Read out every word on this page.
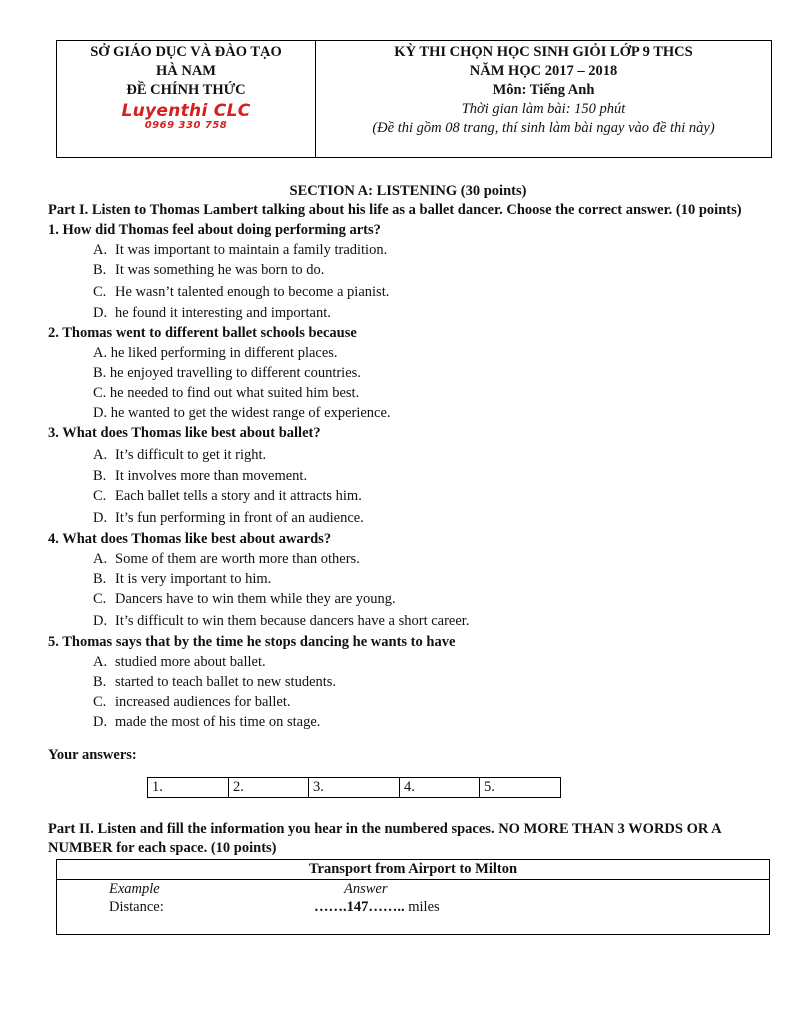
SỞ GIÁO DỤC VÀ ĐÀO TẠO
HÀ NAM
ĐỀ CHÍNH THỨC
Luyenthi CLC
0969 330 758

KỲ THI CHỌN HỌC SINH GIỎI LỚP 9 THCS
NĂM HỌC 2017 – 2018
Môn: Tiếng Anh
Thời gian làm bài: 150 phút
(Đề thi gồm 08 trang, thí sinh làm bài ngay vào đề thi này)
SECTION A: LISTENING (30 points)
Part I. Listen to Thomas Lambert talking about his life as a ballet dancer. Choose the correct answer. (10 points)
1. How did Thomas feel about doing performing arts?
A. It was important to maintain a family tradition.
B. It was something he was born to do.
C. He wasn’t talented enough to become a pianist.
D. he found it interesting and important.
2. Thomas went to different ballet schools because
A. he liked performing in different places.
B. he enjoyed travelling to different countries.
C. he needed to find out what suited him best.
D. he wanted to get the widest range of experience.
3. What does Thomas like best about ballet?
A. It’s difficult to get it right.
B. It involves more than movement.
C. Each ballet tells a story and it attracts him.
D. It’s fun performing in front of an audience.
4. What does Thomas like best about awards?
A. Some of them are worth more than others.
B. It is very important to him.
C. Dancers have to win them while they are young.
D. It’s difficult to win them because dancers have a short career.
5. Thomas says that by the time he stops dancing he wants to have
A. studied more about ballet.
B. started to teach ballet to new students.
C. increased audiences for ballet.
D. made the most of his time on stage.
Your answers:
1.	2.	3.	4.	5.
Part II. Listen and fill the information you hear in the numbered spaces. NO MORE THAN 3 WORDS OR A NUMBER for each space. (10 points)
Transport from Airport to Milton

Example	Answer
Distance:	…….147…….. miles
